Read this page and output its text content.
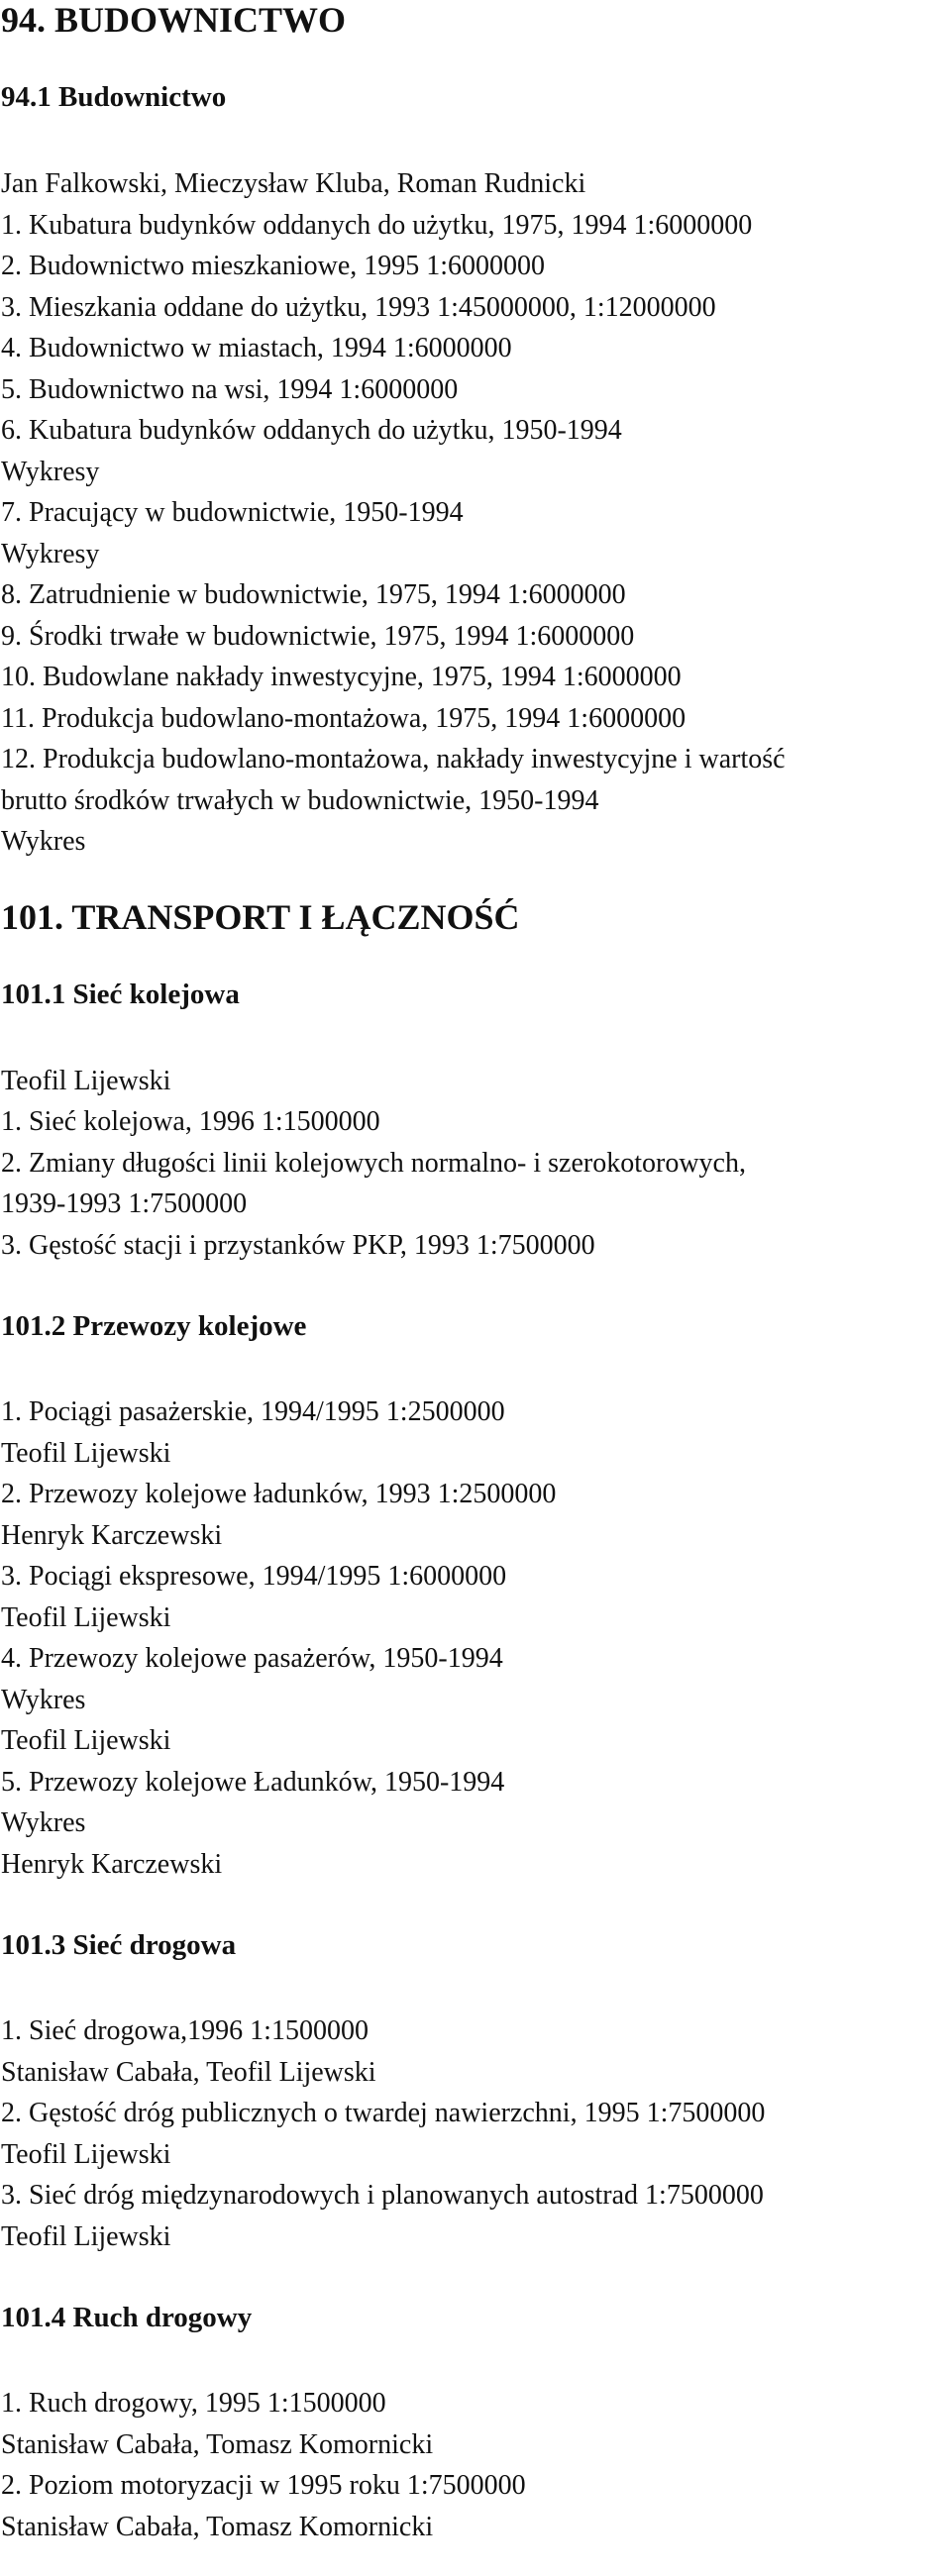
94. BUDOWNICTWO
94.1 Budownictwo

Jan Falkowski, Mieczysław Kluba, Roman Rudnicki

1. Kubatura budynków oddanych do użytku, 1975, 1994 1:6000000

2. Budownictwo mieszkaniowe, 1995 1:6000000

3. Mieszkania oddane do użytku, 1993 1:45000000, 1:12000000

4. Budownictwo w miastach, 1994 1:6000000

5. Budownictwo na wsi, 1994 1:6000000

6. Kubatura budynków oddanych do użytku, 1950-1994

Wykresy

7. Pracujący w budownictwie, 1950-1994

Wykresy

8. Zatrudnienie w budownictwie, 1975, 1994 1:6000000

9. Środki trwałe w budownictwie, 1975, 1994 1:6000000

10. Budowlane nakłady inwestycyjne, 1975, 1994 1:6000000

11. Produkcja budowlano-montażowa, 1975, 1994 1:6000000

12. Produkcja budowlano-montażowa, nakłady inwestycyjne i wartość

brutto środków trwałych w budownictwie, 1950-1994

Wykres

101. TRANSPORT I ŁĄCZNOŚĆ
101.1 Sieć kolejowa

Teofil Lijewski

1. Sieć kolejowa, 1996 1:1500000

2. Zmiany długości linii kolejowych normalno- i szerokotorowych,

1939-1993 1:7500000

3. Gęstość stacji i przystanków PKP, 1993 1:7500000

101.2 Przewozy kolejowe

1. Pociągi pasażerskie, 1994/1995 1:2500000

Teofil Lijewski

2. Przewozy kolejowe ładunków, 1993 1:2500000

Henryk Karczewski

3. Pociągi ekspresowe, 1994/1995 1:6000000

Teofil Lijewski

4. Przewozy kolejowe pasażerów, 1950-1994

Wykres

Teofil Lijewski

5. Przewozy kolejowe Ładunków, 1950-1994

Wykres

Henryk Karczewski

101.3 Sieć drogowa

1. Sieć drogowa,1996 1:1500000

Stanisław Cabała, Teofil Lijewski

2. Gęstość dróg publicznych o twardej nawierzchni, 1995 1:7500000

Teofil Lijewski

3. Sieć dróg międzynarodowych i planowanych autostrad 1:7500000

Teofil Lijewski

101.4 Ruch drogowy

1. Ruch drogowy, 1995 1:1500000

Stanisław Cabała, Tomasz Komornicki

2. Poziom motoryzacji w 1995 roku 1:7500000

Stanisław Cabała, Tomasz Komornicki
